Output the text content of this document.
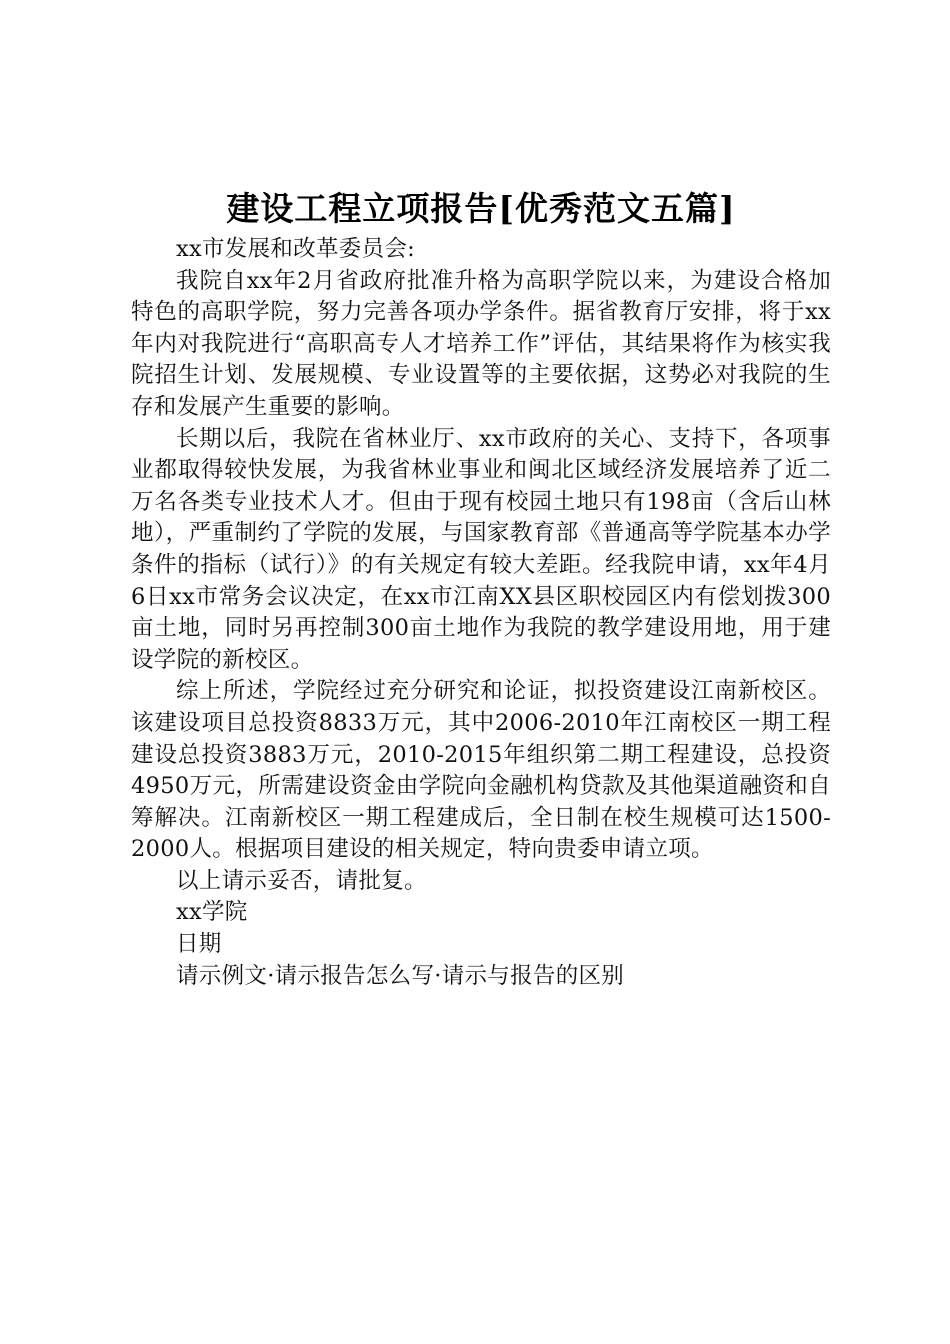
建设工程立项报告[优秀范文五篇]

xx市发展和改革委员会:

我院自xx年2月省政府批准升格为高职学院以来，为建设合格加特色的高职学院，努力完善各项办学条件。据省教育厅安排，将于xx年内对我院进行“高职高专人才培养工作”评估，其结果将作为核实我院招生计划、发展规模、专业设置等的主要依据，这势必对我院的生存和发展产生重要的影响。

长期以后，我院在省林业厅、xx市政府的关心、支持下，各项事业都取得较快发展，为我省林业事业和闽北区域经济发展培养了近二万名各类专业技术人才。但由于现有校园土地只有198亩（含后山林地），严重制约了学院的发展，与国家教育部《普通高等学院基本办学条件的指标（试行）》的有关规定有较大差距。经我院申请，xx年4月6日xx市常务会议决定，在xx市江南XX县区职校园区内有偿划拨300亩土地，同时另再控制300亩土地作为我院的教学建设用地，用于建设学院的新校区。

综上所述，学院经过充分研究和论证，拟投资建设江南新校区。该建设项目总投资8833万元，其中2006-2010年江南校区一期工程建设总投资3883万元，2010-2015年组织第二期工程建设，总投资4950万元，所需建设资金由学院向金融机构贷款及其他渠道融资和自筹解决。江南新校区一期工程建成后，全日制在校生规模可达1500-2000人。根据项目建设的相关规定，特向贵委申请立项。

以上请示妥否，请批复。

xx学院

日期

请示例文·请示报告怎么写·请示与报告的区别
